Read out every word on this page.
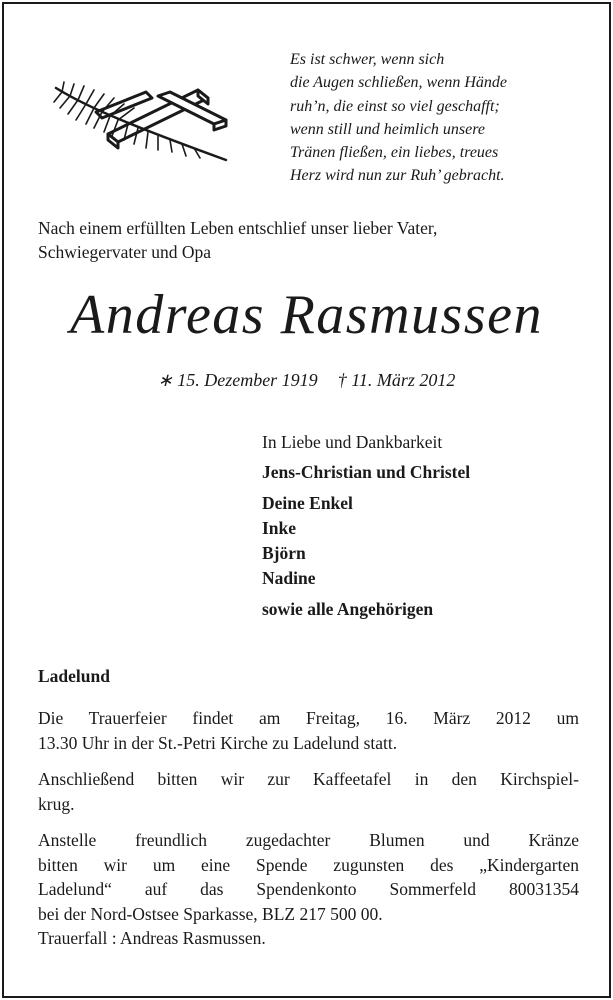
Es ist schwer, wenn sich
die Augen schließen, wenn Hände
ruh’n, die einst so viel geschafft;
wenn still und heimlich unsere
Tränen fließen, ein liebes, treues
Herz wird nun zur Ruh’ gebracht.
Nach einem erfüllten Leben entschlief unser lieber Vater,
Schwiegervater und Opa
Andreas Rasmussen
∗ 15. Dezember 1919 † 11. März 2012
In Liebe und Dankbarkeit
Jens-Christian und Christel
Deine Enkel
Inke
Björn
Nadine
sowie alle Angehörigen
Ladelund
Die Trauerfeier findet am Freitag, 16. März 2012 um
13.30 Uhr in der St.-Petri Kirche zu Ladelund statt.
Anschließend bitten wir zur Kaffeetafel in den Kirchspiel-
krug.
Anstelle freundlich zugedachter Blumen und Kränze
bitten wir um eine Spende zugunsten des „Kindergarten
Ladelund“ auf das Spendenkonto Sommerfeld 80031354
bei der Nord-Ostsee Sparkasse, BLZ 217 500 00.
Trauerfall : Andreas Rasmussen.
